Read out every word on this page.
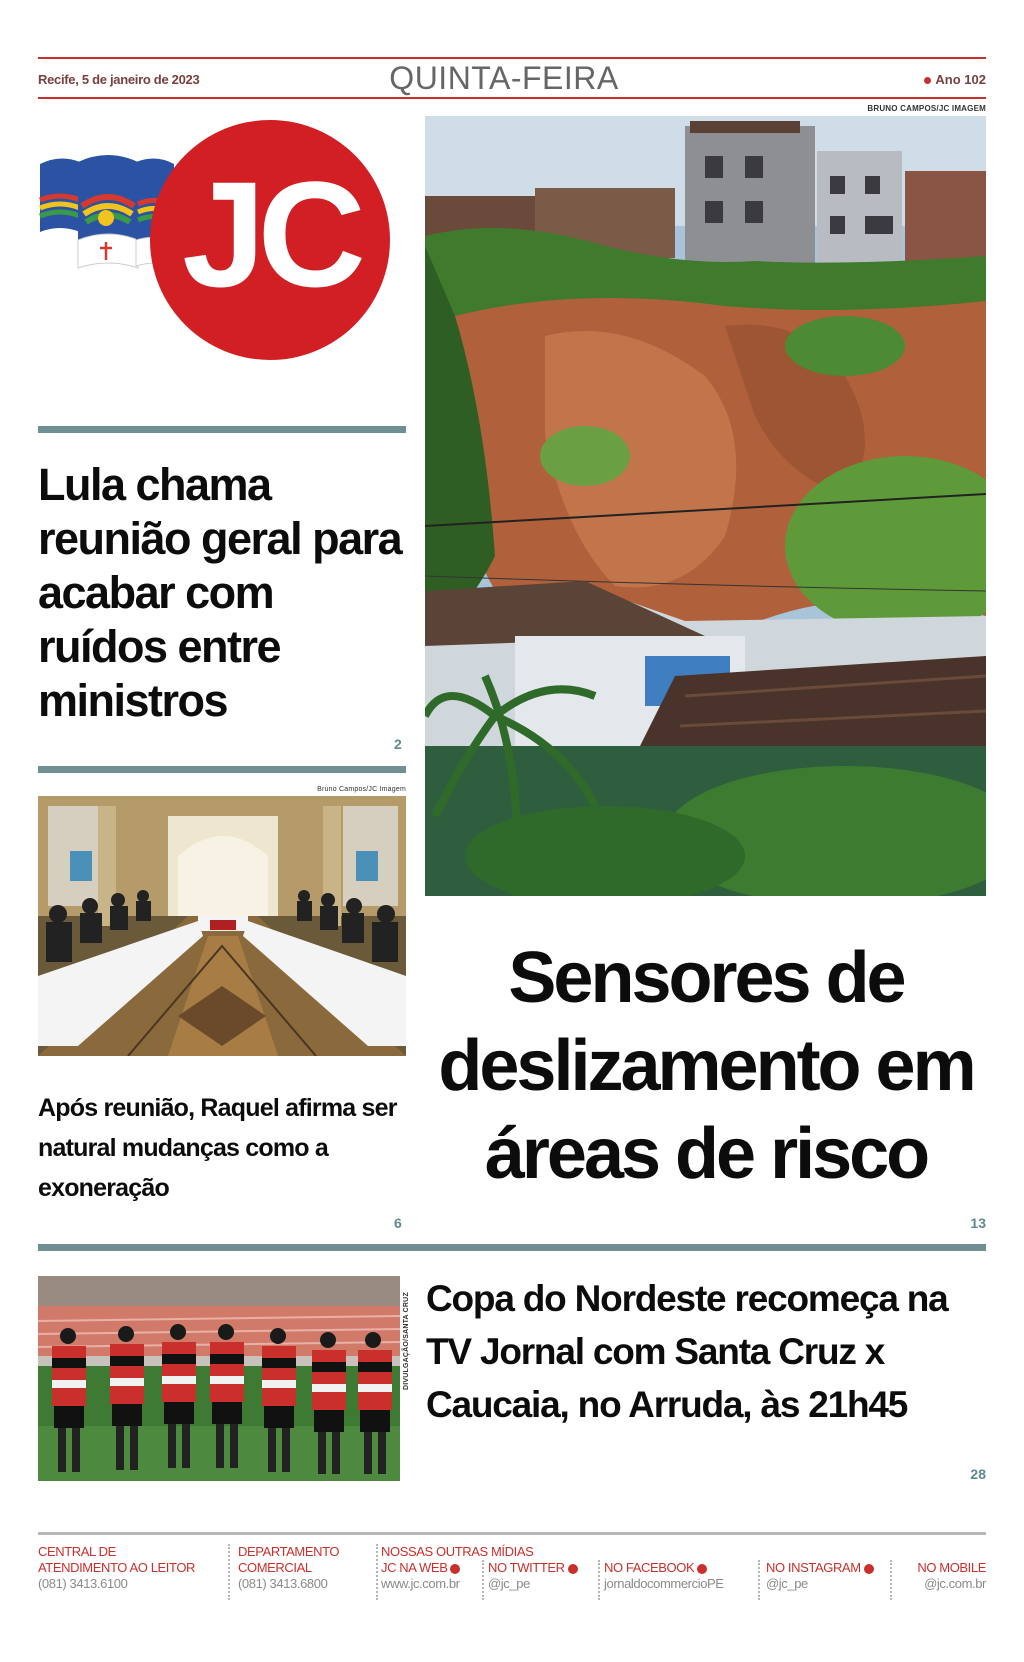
Recife, 5 de janeiro de 2023	QUINTA-FEIRA	Ano 102
JC
BRUNO CAMPOS/JC IMAGEM
Lula chama reunião geral para acabar com ruídos entre ministros
2
Bruno Campos/JC Imagem
Após reunião, Raquel afirma ser natural mudanças como a exoneração
6
Sensores de deslizamento em áreas de risco
13
DIVULGAÇÃO/SANTA CRUZ Copa do Nordeste recomeça na TV Jornal com Santa Cruz x Caucaia, no Arruda, às 21h45
28
CENTRAL DE
ATENDIMENTO AO LEITOR
(081) 3413.6100
DEPARTAMENTO
COMERCIAL
(081) 3413.6800
NOSSAS OUTRAS MÍDIAS
JC NA WEB
www.jc.com.br
NO TWITTER
@jc_pe
NO FACEBOOK
jornaldocommercioPE
NO INSTAGRAM
@jc_pe
NO MOBILE
@jc.com.br
